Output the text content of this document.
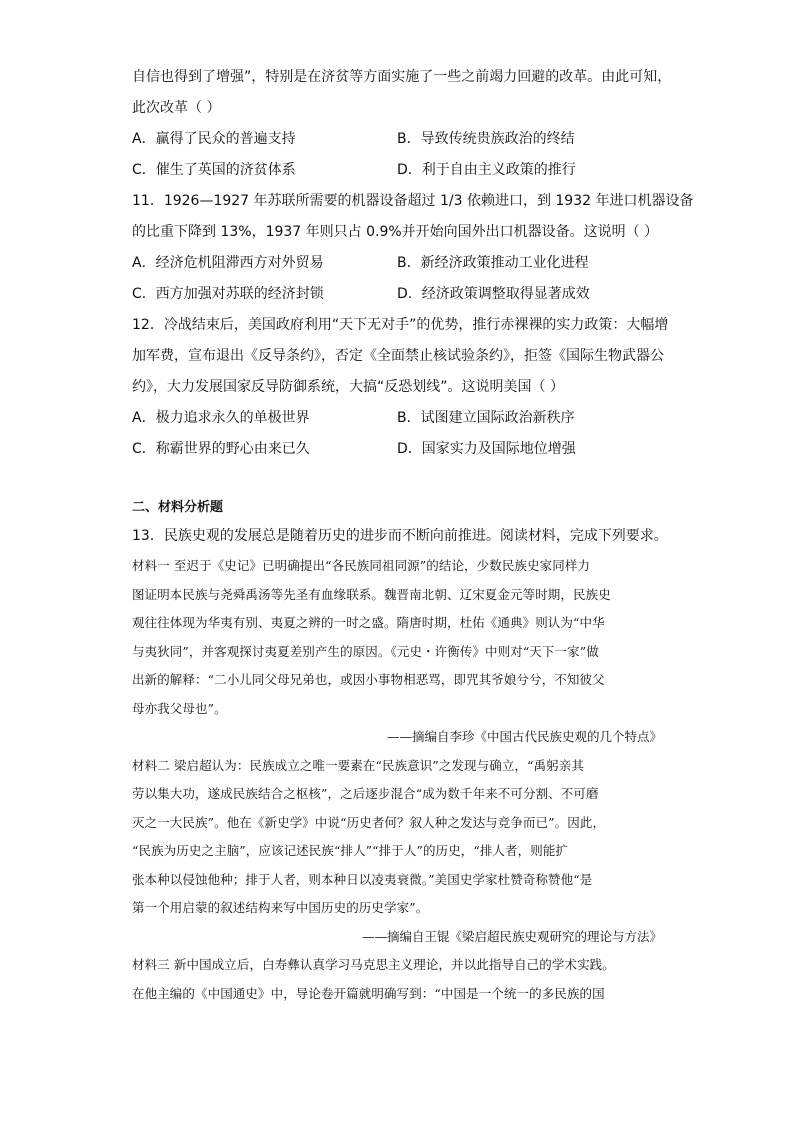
自信也得到了增强”，特别是在济贫等方面实施了一些之前竭力回避的改革。由此可知，
此次改革（ ）
A．赢得了民众的普遍支持	B．导致传统贵族政治的终结
C．催生了英国的济贫体系	D．利于自由主义政策的推行
11．1926—1927 年苏联所需要的机器设备超过 1/3 依赖进口，到 1932 年进口机器设备
的比重下降到 13%，1937 年则只占 0.9%并开始向国外出口机器设备。这说明（ ）
A．经济危机阻滞西方对外贸易	B．新经济政策推动工业化进程
C．西方加强对苏联的经济封锁	D．经济政策调整取得显著成效
12．冷战结束后，美国政府利用“天下无对手”的优势，推行赤裸裸的实力政策：大幅增
加军费，宣布退出《反导条约》，否定《全面禁止核试验条约》，拒签《国际生物武器公
约》，大力发展国家反导防御系统，大搞“反恐划线”。这说明美国（ ）
A．极力追求永久的单极世界	B．试图建立国际政治新秩序
C．称霸世界的野心由来已久	D．国家实力及国际地位增强
二、材料分析题
13．民族史观的发展总是随着历史的进步而不断向前推进。阅读材料，完成下列要求。
材料一 至迟于《史记》已明确提出“各民族同祖同源”的结论，少数民族史家同样力
图证明本民族与尧舜禹汤等先圣有血缘联系。魏晋南北朝、辽宋夏金元等时期，民族史
观往往体现为华夷有别、夷夏之辨的一时之盛。隋唐时期，杜佑《通典》则认为“中华
与夷狄同”，并客观探讨夷夏差别产生的原因。《元史・许衡传》中则对“天下一家”做
出新的解释：“二小儿同父母兄弟也，或因小事物相恶骂，即咒其爷娘兮兮，不知彼父
母亦我父母也”。
——摘编自李珍《中国古代民族史观的几个特点》
材料二 梁启超认为：民族成立之唯一要素在“民族意识”之发现与确立，“禹躬亲其
劳以集大功，遂成民族结合之枢核”，之后逐步混合“成为数千年来不可分割、不可磨
灭之一大民族”。他在《新史学》中说“历史者何？叙人种之发达与竞争而已”。因此，
“民族为历史之主脑”，应该记述民族“排人”“排于人”的历史，“排人者，则能扩
张本种以侵蚀他种；排于人者，则本种日以凌夷衰微。”美国史学家杜赞奇称赞他“是
第一个用启蒙的叙述结构来写中国历史的历史学家”。
——摘编自王锟《梁启超民族史观研究的理论与方法》
材料三 新中国成立后，白寿彝认真学习马克思主义理论，并以此指导自己的学术实践。
在他主编的《中国通史》中，导论卷开篇就明确写到：“中国是一个统一的多民族的国
